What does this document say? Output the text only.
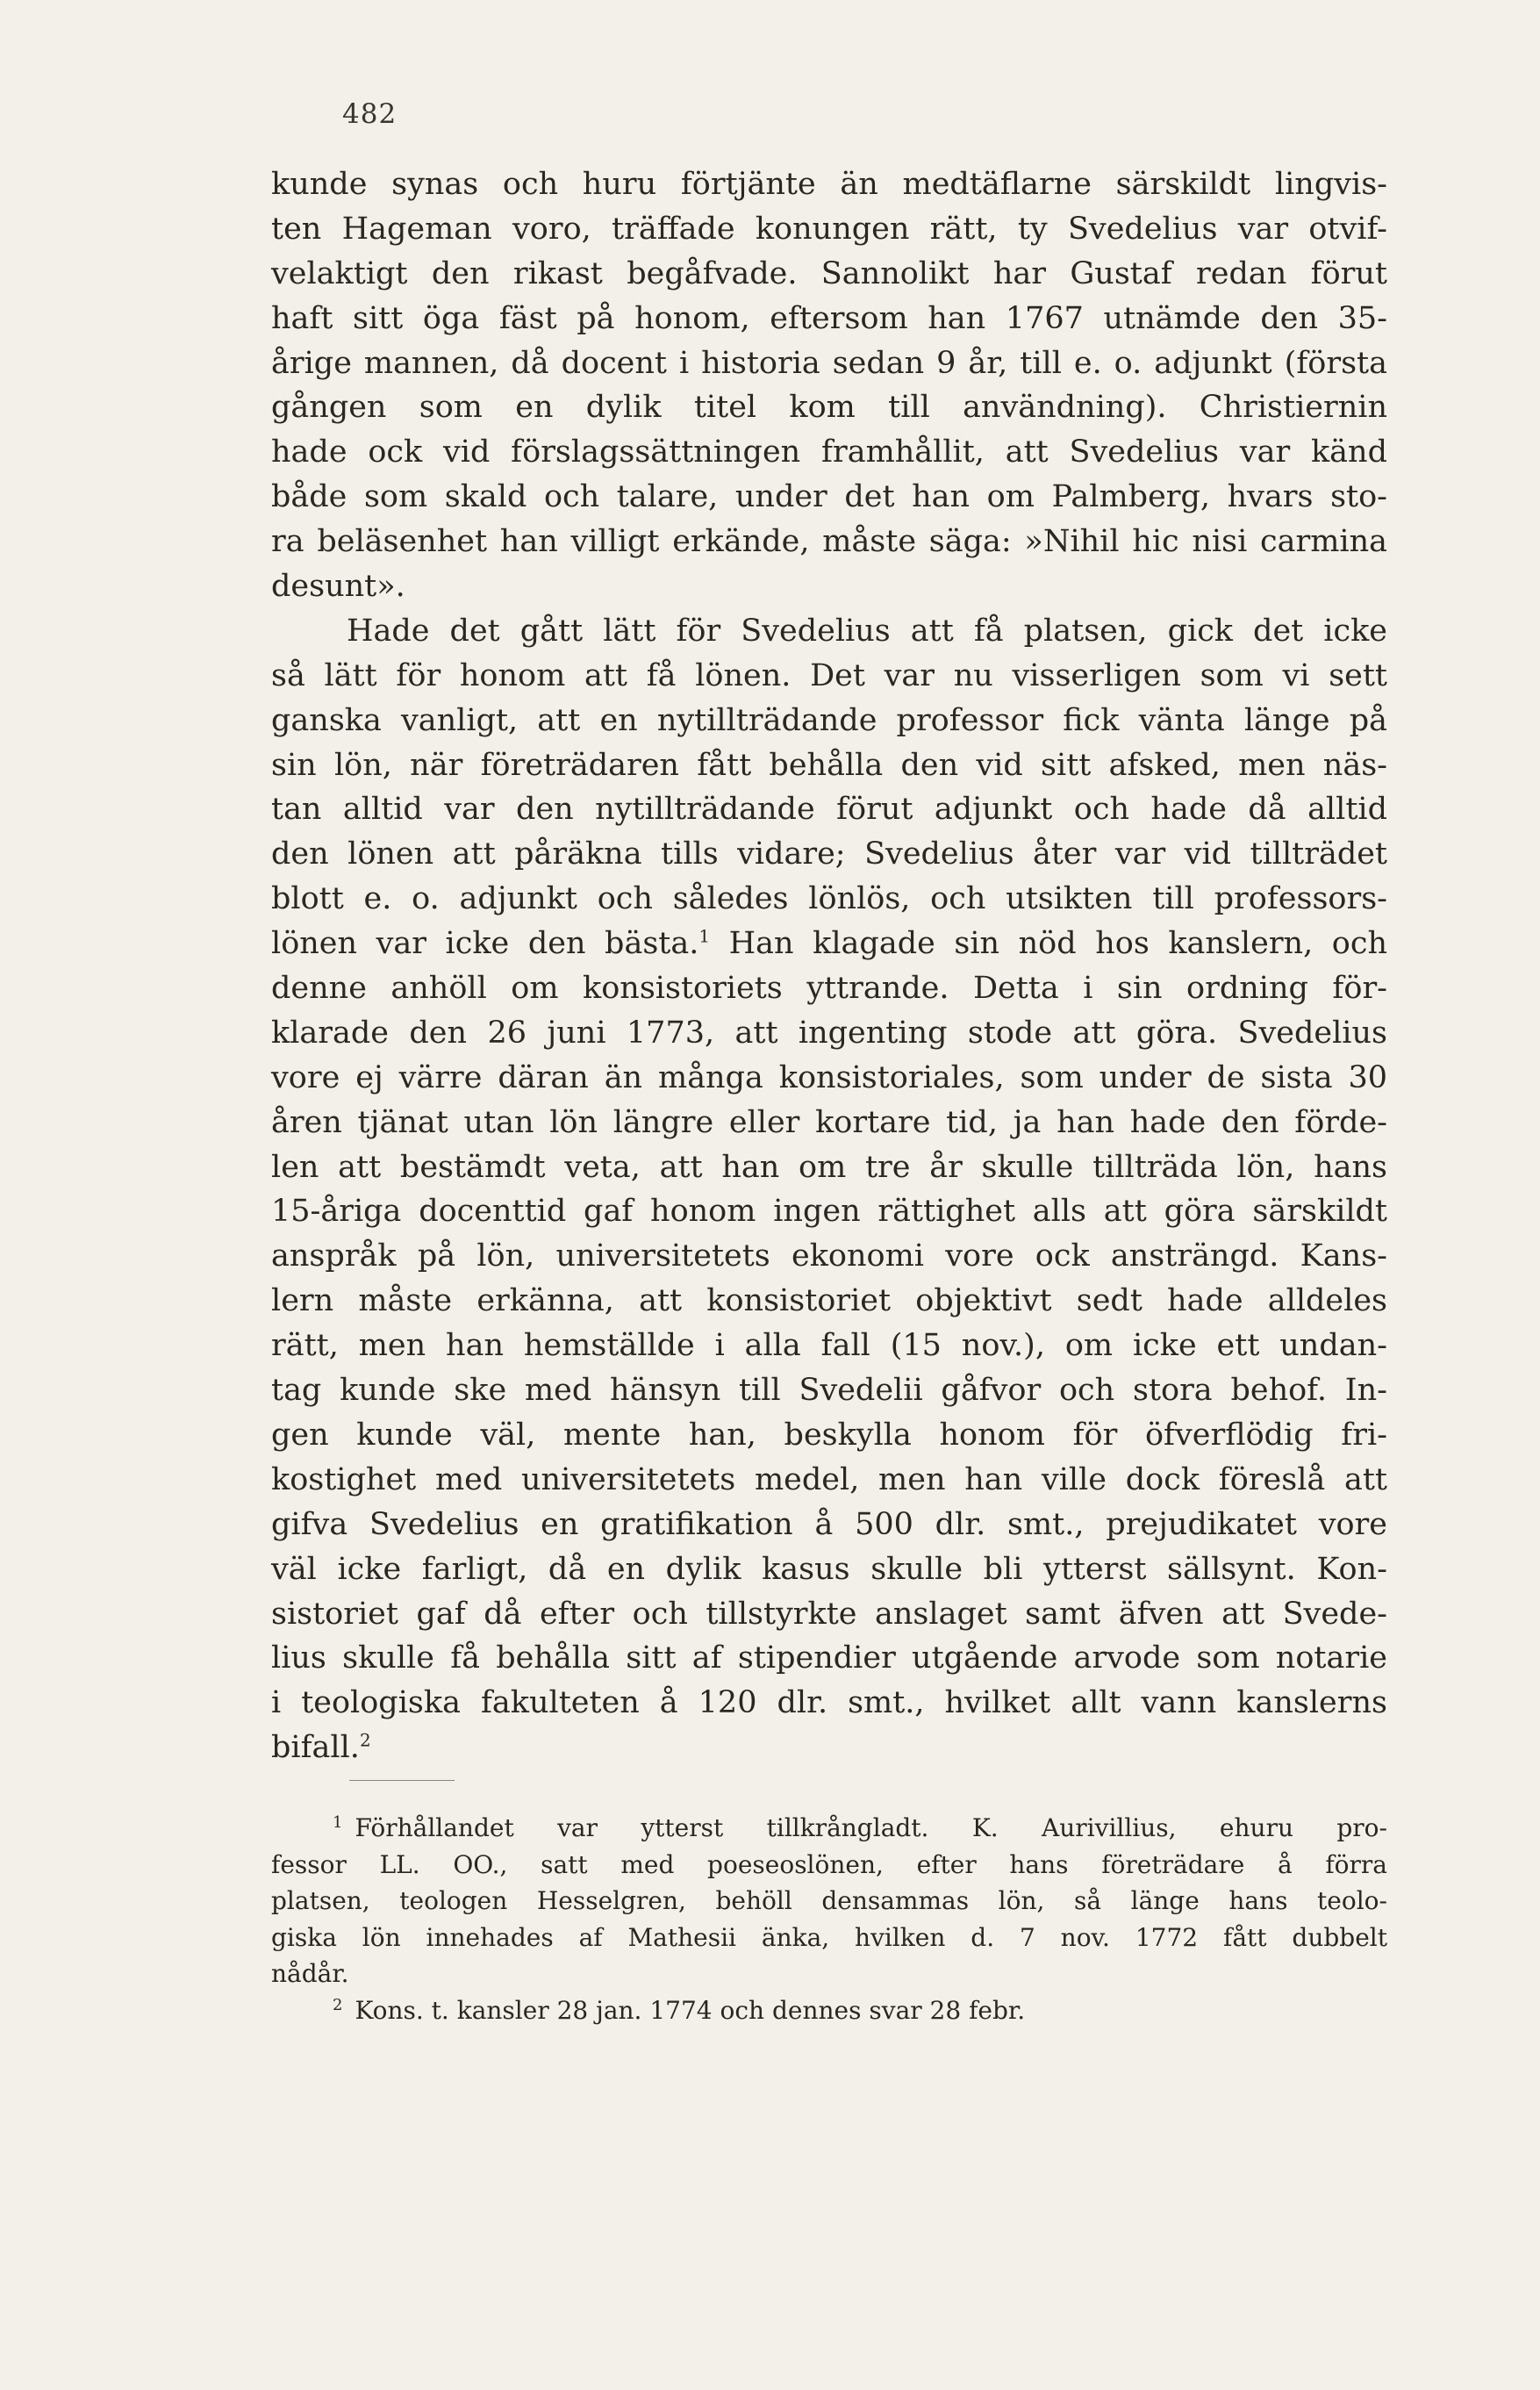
482
kunde synas och huru förtjänte än medtäflarne särskildt lingvis-
ten Hageman voro, träffade konungen rätt, ty Svedelius var otvif-
velaktigt den rikast begåfvade. Sannolikt har Gustaf redan förut
haft sitt öga fäst på honom, eftersom han 1767 utnämde den 35-
årige mannen, då docent i historia sedan 9 år, till e. o. adjunkt (första
gången som en dylik titel kom till användning). Christiernin
hade ock vid förslagssättningen framhållit, att Svedelius var känd
både som skald och talare, under det han om Palmberg, hvars sto-
ra beläsenhet han villigt erkände, måste säga: »Nihil hic nisi carmina
desunt».
Hade det gått lätt för Svedelius att få platsen, gick det icke
så lätt för honom att få lönen. Det var nu visserligen som vi sett
ganska vanligt, att en nytillträdande professor fick vänta länge på
sin lön, när företrädaren fått behålla den vid sitt afsked, men näs-
tan alltid var den nytillträdande förut adjunkt och hade då alltid
den lönen att påräkna tills vidare; Svedelius åter var vid tillträdet
blott e. o. adjunkt och således lönlös, och utsikten till professors-
lönen var icke den bästa.$^1$ Han klagade sin nöd hos kanslern, och
denne anhöll om konsistoriets yttrande. Detta i sin ordning för-
klarade den 26 juni 1773, att ingenting stode att göra. Svedelius
vore ej värre däran än många konsistoriales, som under de sista 30
åren tjänat utan lön längre eller kortare tid, ja han hade den förde-
len att bestämdt veta, att han om tre år skulle tillträda lön, hans
15-åriga docenttid gaf honom ingen rättighet alls att göra särskildt
anspråk på lön, universitetets ekonomi vore ock ansträngd. Kans-
lern måste erkänna, att konsistoriet objektivt sedt hade alldeles
rätt, men han hemställde i alla fall (15 nov.), om icke ett undan-
tag kunde ske med hänsyn till Svedelii gåfvor och stora behof. In-
gen kunde väl, mente han, beskylla honom för öfverflödig fri-
kostighet med universitetets medel, men han ville dock föreslå att
gifva Svedelius en gratifikation å 500 dlr. smt., prejudikatet vore
väl icke farligt, då en dylik kasus skulle bli ytterst sällsynt. Kon-
sistoriet gaf då efter och tillstyrkte anslaget samt äfven att Svede-
lius skulle få behålla sitt af stipendier utgående arvode som notarie
i teologiska fakulteten å 120 dlr. smt., hvilket allt vann kanslerns
bifall.$^2$
$^1$ Förhållandet var ytterst tillkrångladt. K. Aurivillius, ehuru pro-
fessor LL. OO., satt med poeseoslönen, efter hans företrädare å förra
platsen, teologen Hesselgren, behöll densammas lön, så länge hans teolo-
giska lön innehades af Mathesii änka, hvilken d. 7 nov. 1772 fått dubbelt
nådår.
$^2$ Kons. t. kansler 28 jan. 1774 och dennes svar 28 febr.
